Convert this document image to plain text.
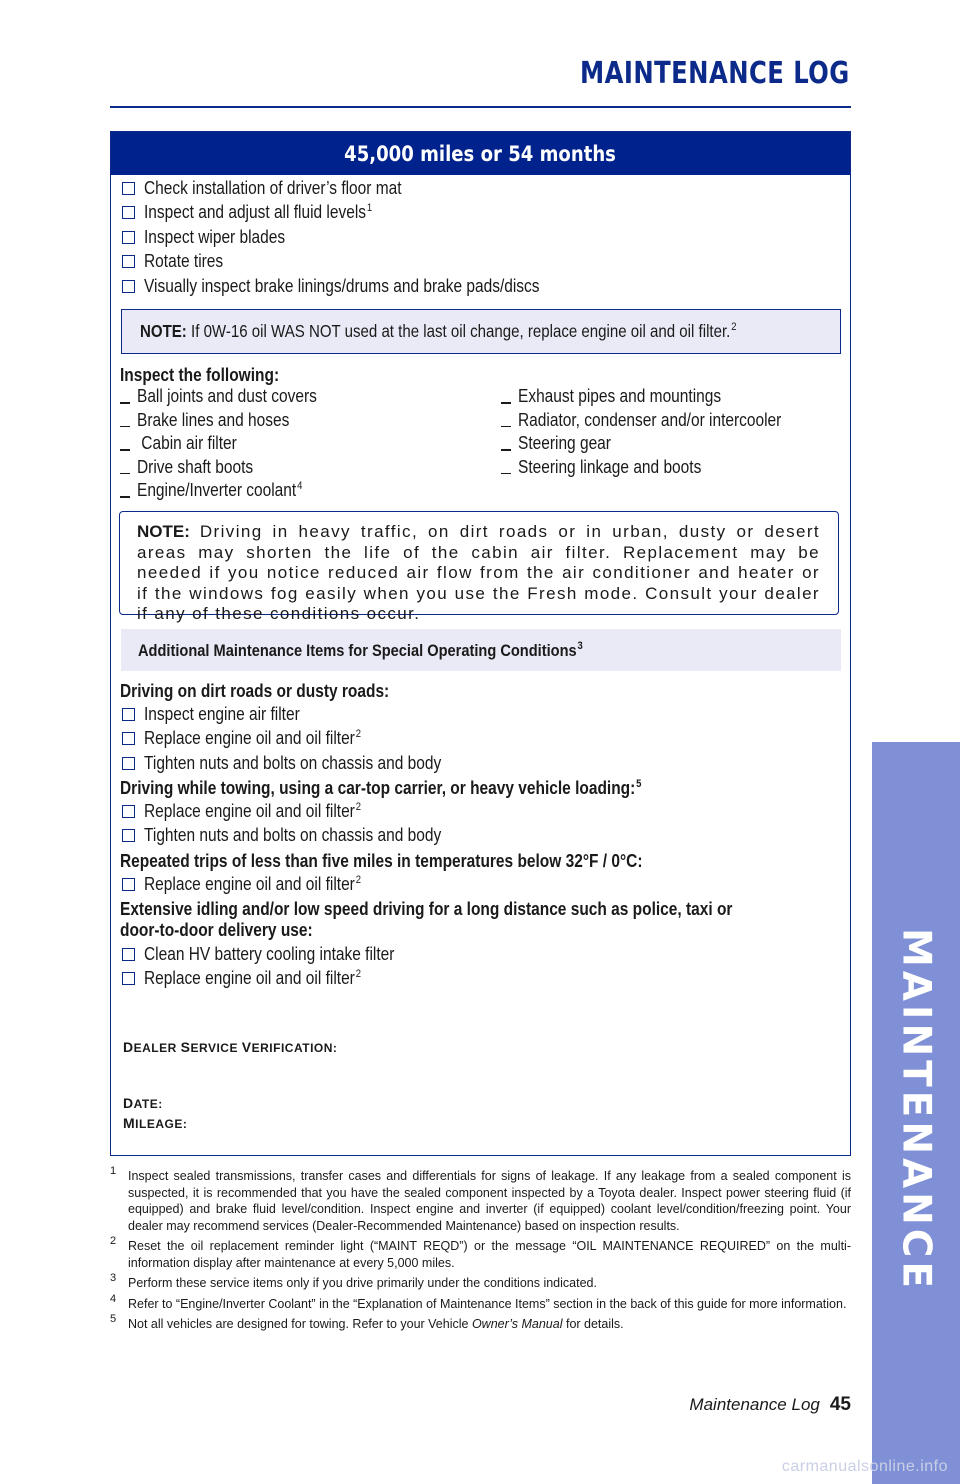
MAINTENANCE LOG
45,000 miles or 54 months
Check installation of driver’s floor mat
Inspect and adjust all fluid levels$^1$
Inspect wiper blades
Rotate tires
Visually inspect brake linings/drums and brake pads/discs
NOTE: If 0W-16 oil WAS NOT used at the last oil change, replace engine oil and oil filter.$^2$
Inspect the following:
Ball joints and dust covers
Brake lines and hoses
Cabin air filter
Drive shaft boots
Engine/Inverter coolant$^4$
Exhaust pipes and mountings
Radiator, condenser and/or intercooler
Steering gear
Steering linkage and boots
NOTE: Driving in heavy traffic, on dirt roads or in urban, dusty or desert areas may shorten the life of the cabin air filter. Replacement may be needed if you notice reduced air flow from the air conditioner and heater or if the windows fog easily when you use the Fresh mode. Consult your dealer if any of these conditions occur.
Additional Maintenance Items for Special Operating Conditions$^3$
Driving on dirt roads or dusty roads:
Inspect engine air filter
Replace engine oil and oil filter$^2$
Tighten nuts and bolts on chassis and body
Driving while towing, using a car-top carrier, or heavy vehicle loading:$^5$
Replace engine oil and oil filter$^2$
Tighten nuts and bolts on chassis and body
Repeated trips of less than five miles in temperatures below 32°F / 0°C:
Replace engine oil and oil filter$^2$
Extensive idling and/or low speed driving for a long distance such as police, taxi or
door-to-door delivery use:
Clean HV battery cooling intake filter
Replace engine oil and oil filter$^2$
DEALER SERVICE VERIFICATION:
DATE:
MILEAGE:
1 Inspect sealed transmissions, transfer cases and differentials for signs of leakage. If any leakage from a sealed component is suspected, it is recommended that you have the sealed component inspected by a Toyota dealer. Inspect power steering fluid (if equipped) and brake fluid level/condition. Inspect engine and inverter (if equipped) coolant level/condition/freezing point. Your dealer may recommend services (Dealer-Recommended Maintenance) based on inspection results.
2 Reset the oil replacement reminder light (“MAINT REQD”) or the message “OIL MAINTENANCE REQUIRED” on the multi-information display after maintenance at every 5,000 miles.
3 Perform these service items only if you drive primarily under the conditions indicated.
4 Refer to “Engine/Inverter Coolant” in the “Explanation of Maintenance Items” section in the back of this guide for more information.
5 Not all vehicles are designed for towing. Refer to your Vehicle Owner’s Manual for details.
Maintenance Log 45
MAINTENANCE
carmanualsonline.info
